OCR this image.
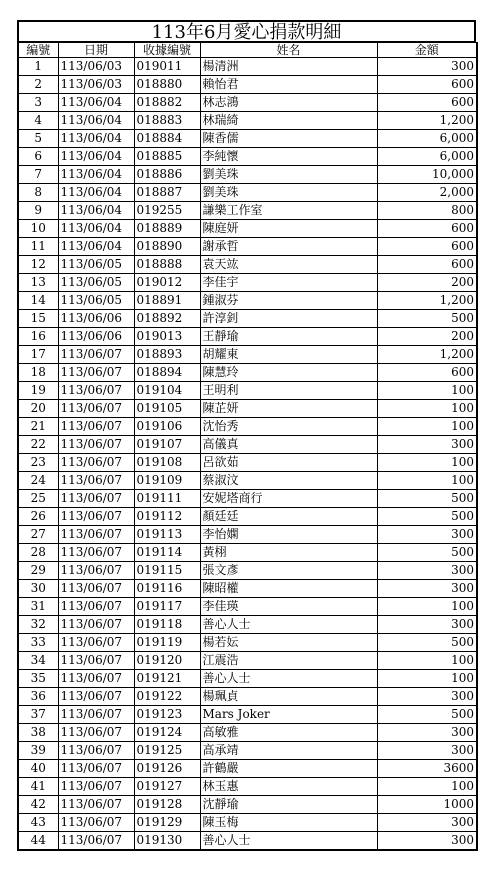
113年6月愛心捐款明細
編號	日期	收據編號	姓名	金額
1	113/06/03	019011	楊清洲	300
2	113/06/03	018880	賴怡君	600
3	113/06/04	018882	林志鴻	600
4	113/06/04	018883	林瑞綺	1,200
5	113/06/04	018884	陳香儒	6,000
6	113/06/04	018885	李純懷	6,000
7	113/06/04	018886	劉美珠	10,000
8	113/06/04	018887	劉美珠	2,000
9	113/06/04	019255	謙樂工作室	800
10	113/06/04	018889	陳庭妍	600
11	113/06/04	018890	謝承哲	600
12	113/06/05	018888	袁天竑	600
13	113/06/05	019012	李佳宇	200
14	113/06/05	018891	鍾淑芬	1,200
15	113/06/06	018892	許淳釗	500
16	113/06/06	019013	王靜瑜	200
17	113/06/07	018893	胡耀東	1,200
18	113/06/07	018894	陳慧玲	600
19	113/06/07	019104	王明利	100
20	113/06/07	019105	陳芷妍	100
21	113/06/07	019106	沈怡秀	100
22	113/06/07	019107	高儀真	300
23	113/06/07	019108	呂欲茹	100
24	113/06/07	019109	蔡淑汶	100
25	113/06/07	019111	安妮塔商行	500
26	113/06/07	019112	顏廷廷	500
27	113/06/07	019113	李怡嫻	300
28	113/06/07	019114	黃栩	500
29	113/06/07	019115	張文彥	300
30	113/06/07	019116	陳昭權	300
31	113/06/07	019117	李佳瑛	100
32	113/06/07	019118	善心人士	300
33	113/06/07	019119	楊若妘	500
34	113/06/07	019120	江震浩	100
35	113/06/07	019121	善心人士	100
36	113/06/07	019122	楊珮貞	300
37	113/06/07	019123	Mars Joker	500
38	113/06/07	019124	高敏雅	300
39	113/06/07	019125	高承靖	300
40	113/06/07	019126	許鶴嚴	3600
41	113/06/07	019127	林玉惠	100
42	113/06/07	019128	沈靜瑜	1000
43	113/06/07	019129	陳玉梅	300
44	113/06/07	019130	善心人士	300
